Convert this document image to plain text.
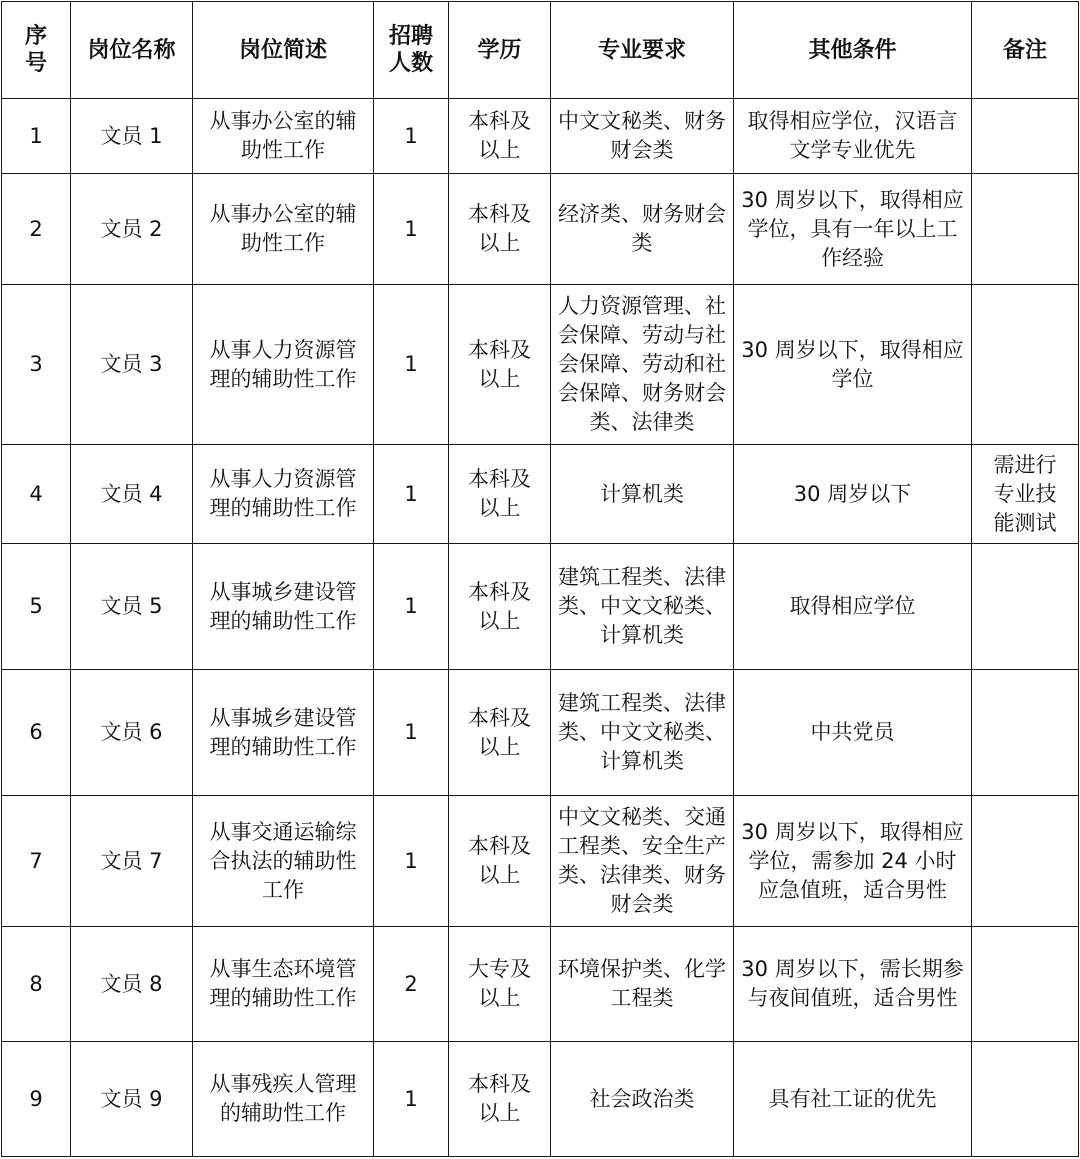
序
号	岗位名称	岗位简述	招聘
人数	学历	专业要求	其他条件	备注

1	文员 1	从事办公室的辅
助性工作	1	本科及
以上	中文文秘类、财务
财会类	取得相应学位，汉语言
文学专业优先	

2	文员 2	从事办公室的辅
助性工作	1	本科及
以上	经济类、财务财会
类	30 周岁以下，取得相应
学位，具有一年以上工
作经验	

3	文员 3	从事人力资源管
理的辅助性工作	1	本科及
以上	人力资源管理、社
会保障、劳动与社
会保障、劳动和社
会保障、财务财会
类、法律类	30 周岁以下，取得相应
学位	

4	文员 4	从事人力资源管
理的辅助性工作	1	本科及
以上	计算机类	30 周岁以下	需进行
专业技
能测试

5	文员 5	从事城乡建设管
理的辅助性工作	1	本科及
以上	建筑工程类、法律
类、中文文秘类、
计算机类	取得相应学位	

6	文员 6	从事城乡建设管
理的辅助性工作	1	本科及
以上	建筑工程类、法律
类、中文文秘类、
计算机类	中共党员	

7	文员 7	从事交通运输综
合执法的辅助性
工作	1	本科及
以上	中文文秘类、交通
工程类、安全生产
类、法律类、财务
财会类	30 周岁以下，取得相应
学位，需参加 24 小时
应急值班，适合男性	

8	文员 8	从事生态环境管
理的辅助性工作	2	大专及
以上	环境保护类、化学
工程类	30 周岁以下，需长期参
与夜间值班，适合男性	

9	文员 9	从事残疾人管理
的辅助性工作	1	本科及
以上	社会政治类	具有社工证的优先	
